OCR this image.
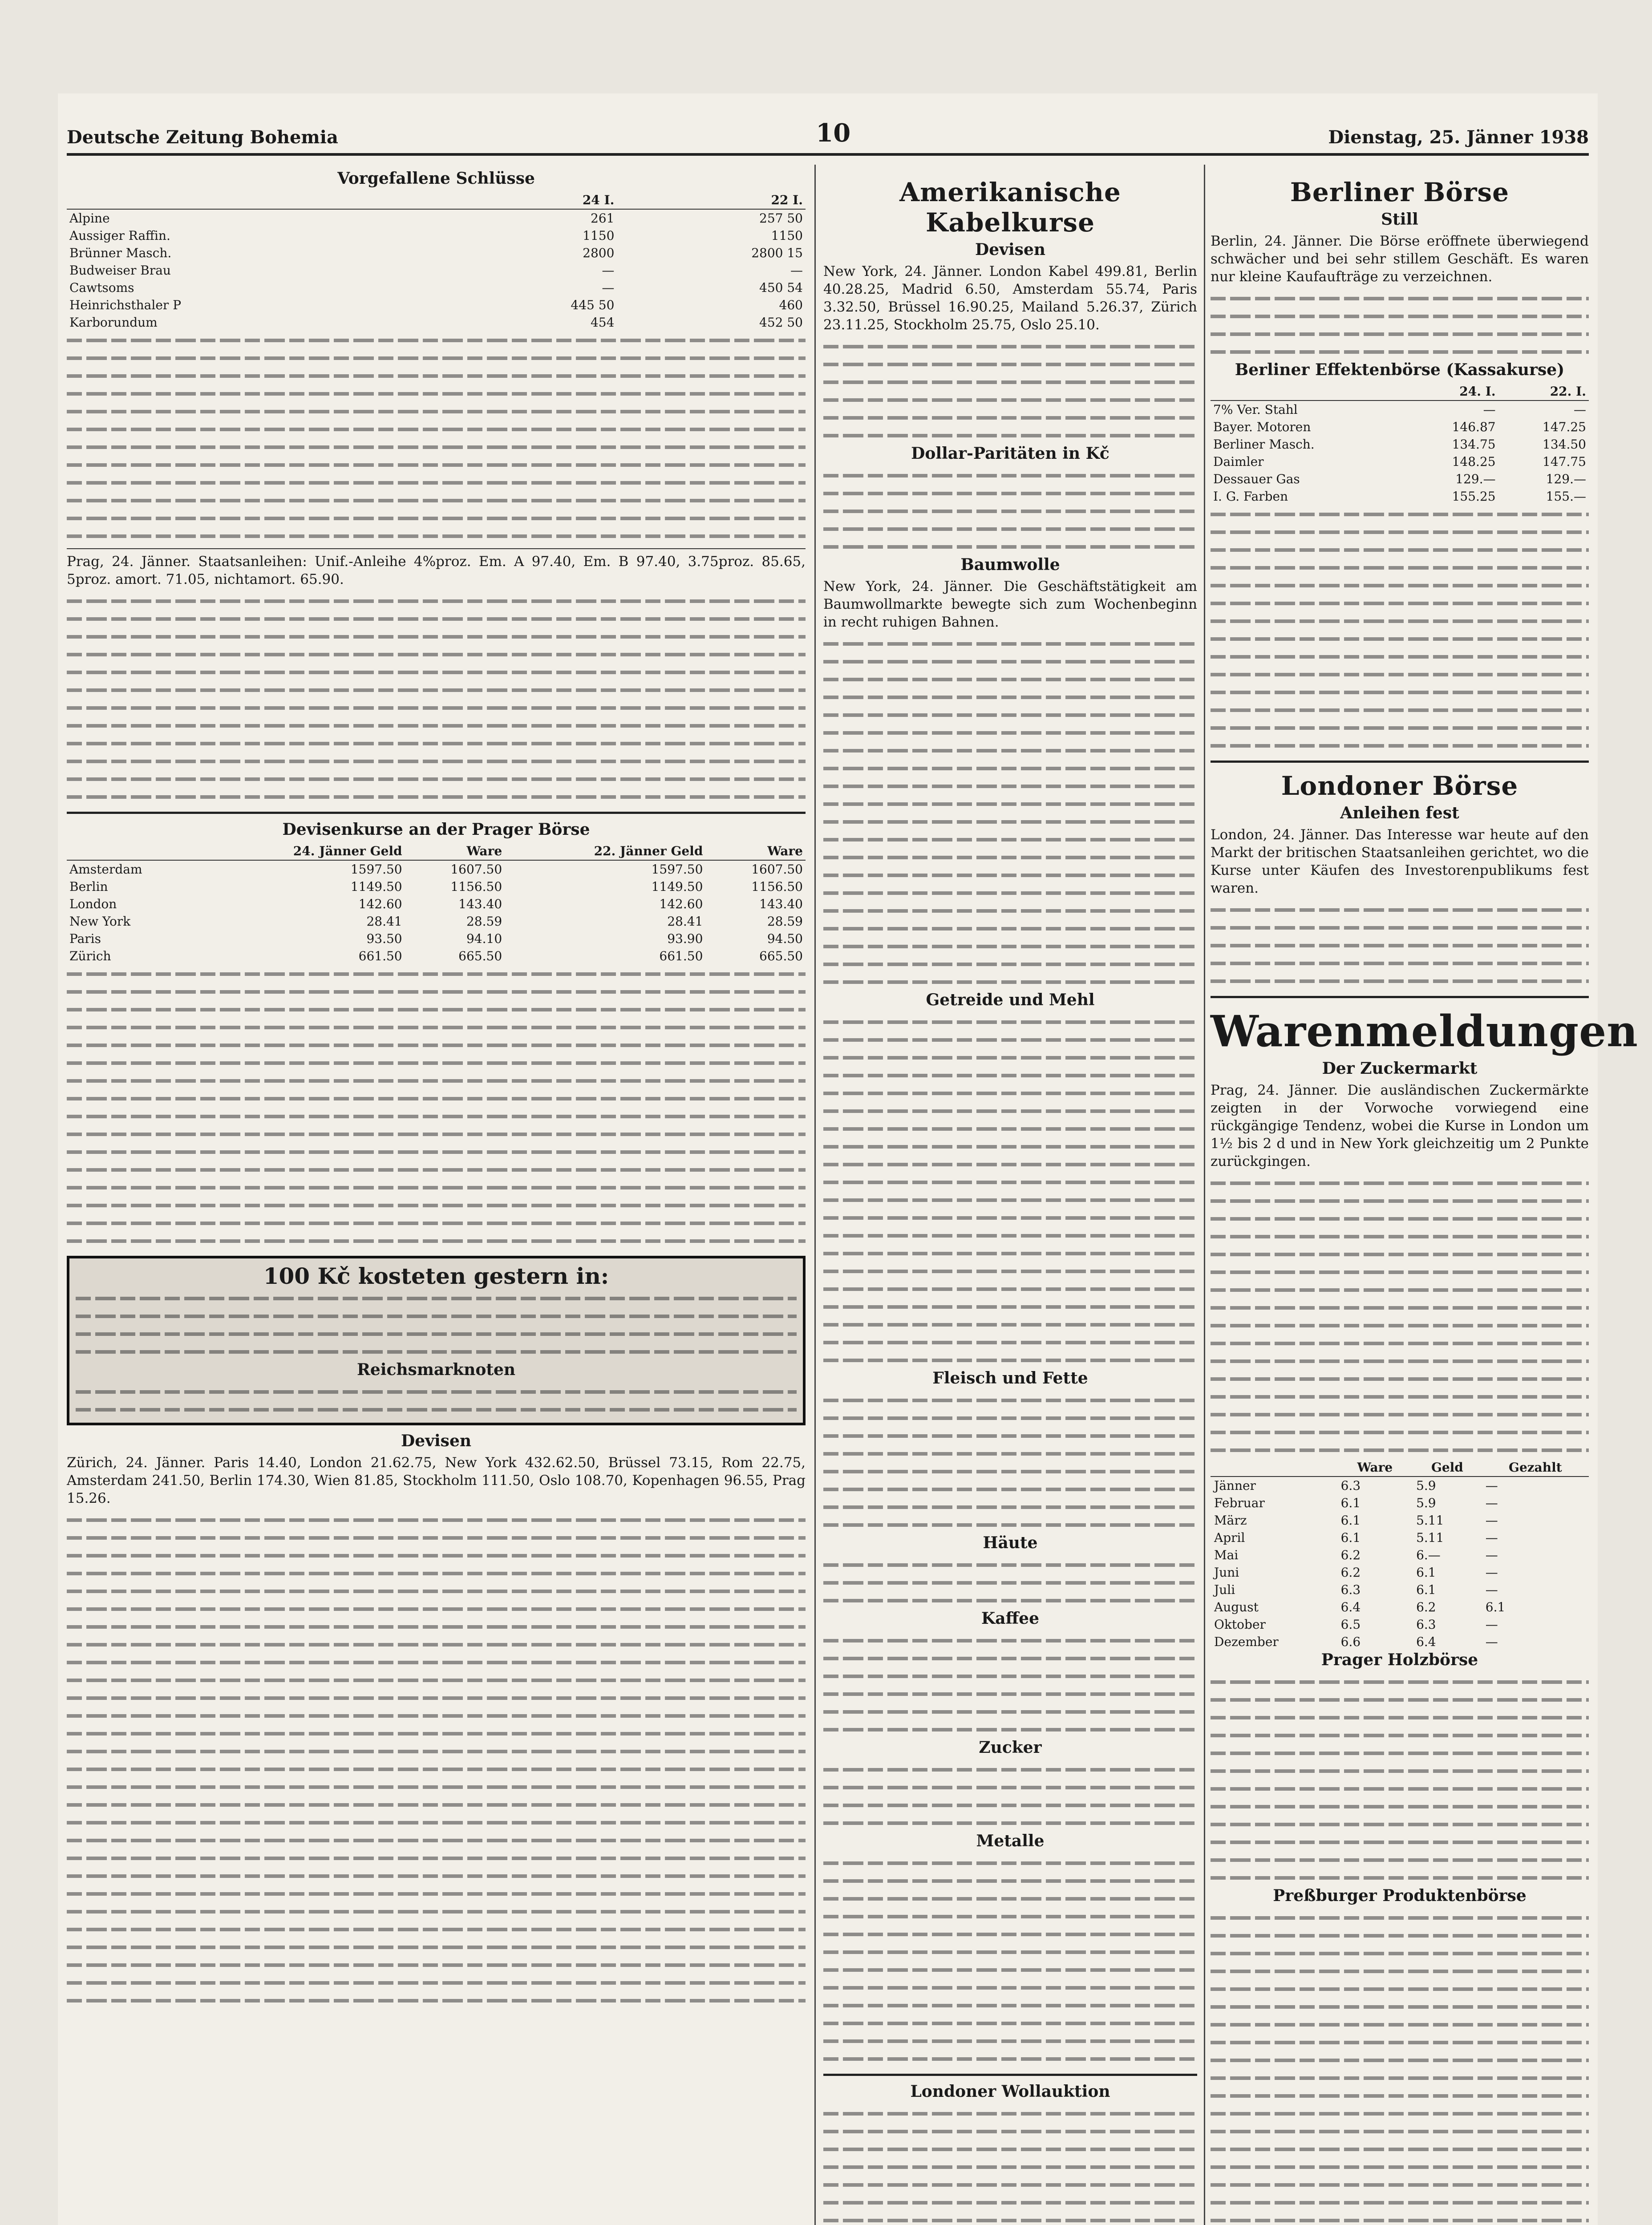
Deutsche Zeitung Bohemia	10	Dienstag, 25. Jänner 1938
Vorgefallene Schlüsse
	24 I.	22 I.
Alpine	261	257 50
Aussiger Raffin.	1150	1150
Brünner Masch.	2800	2800 15
Budweiser Brau	—	—
Cawtsoms	—	450 54
Heinrichsthaler P	445 50	460
Karborundum	454	452 50

Prag, 24. Jänner. Staatsanleihen: Unif.-Anleihe 4%proz. Em. A 97.40, Em. B 97.40, 3.75proz. 85.65, 5proz. amort. 71.05, nichtamort. 65.90.

Devisenkurse an der Prager Börse
	24. Jänner Geld	Ware	22. Jänner Geld	Ware
Amsterdam	1597.50	1607.50	1597.50	1607.50
Berlin	1149.50	1156.50	1149.50	1156.50
London	142.60	143.40	142.60	143.40
New York	28.41	28.59	28.41	28.59
Paris	93.50	94.10	93.90	94.50
Zürich	661.50	665.50	661.50	665.50
100 Kč kosteten gestern in:
Reichsmarknoten
Devisen

Zürich, 24. Jänner. Paris 14.40, London 21.62.75, New York 432.62.50, Brüssel 73.15, Rom 22.75, Amsterdam 241.50, Berlin 174.30, Wien 81.85, Stockholm 111.50, Oslo 108.70, Kopenhagen 96.55, Prag 15.26.

Amerikanische Kabelkurse
Devisen

New York, 24. Jänner. London Kabel 499.81, Berlin 40.28.25, Madrid 6.50, Amsterdam 55.74, Paris 3.32.50, Brüssel 16.90.25, Mailand 5.26.37, Zürich 23.11.25, Stockholm 25.75, Oslo 25.10.

Dollar-Paritäten in Kč
Baumwolle

New York, 24. Jänner. Die Geschäftstätigkeit am Baumwollmarkte bewegte sich zum Wochenbeginn in recht ruhigen Bahnen.

Getreide und Mehl
Fleisch und Fette
Häute
Kaffee
Zucker
Metalle
Londoner Wollauktion
Berliner Börse
Still

Berlin, 24. Jänner. Die Börse eröffnete überwiegend schwächer und bei sehr stillem Geschäft. Es waren nur kleine Kaufaufträge zu verzeichnen.

Berliner Effektenbörse (Kassakurse)
	24. I.	22. I.
7% Ver. Stahl	—	—
Bayer. Motoren	146.87	147.25
Berliner Masch.	134.75	134.50
Daimler	148.25	147.75
Dessauer Gas	129.—	129.—
I. G. Farben	155.25	155.—
Londoner Börse
Anleihen fest

London, 24. Jänner. Das Interesse war heute auf den Markt der britischen Staatsanleihen gerichtet, wo die Kurse unter Käufen des Investorenpublikums fest waren.

Warenmeldungen
Der Zuckermarkt

Prag, 24. Jänner. Die ausländischen Zuckermärkte zeigten in der Vorwoche vorwiegend eine rückgängige Tendenz, wobei die Kurse in London um 1½ bis 2 d und in New York gleichzeitig um 2 Punkte zurückgingen.

	Ware	Geld	Gezahlt
Jänner	6.3	5.9	—
Februar	6.1	5.9	—
März	6.1	5.11	—
April	6.1	5.11	—
Mai	6.2	6.—	—
Juni	6.2	6.1	—
Juli	6.3	6.1	—
August	6.4	6.2	6.1
Oktober	6.5	6.3	—
Dezember	6.6	6.4	—
Prager Holzbörse
Preßburger Produktenbörse
